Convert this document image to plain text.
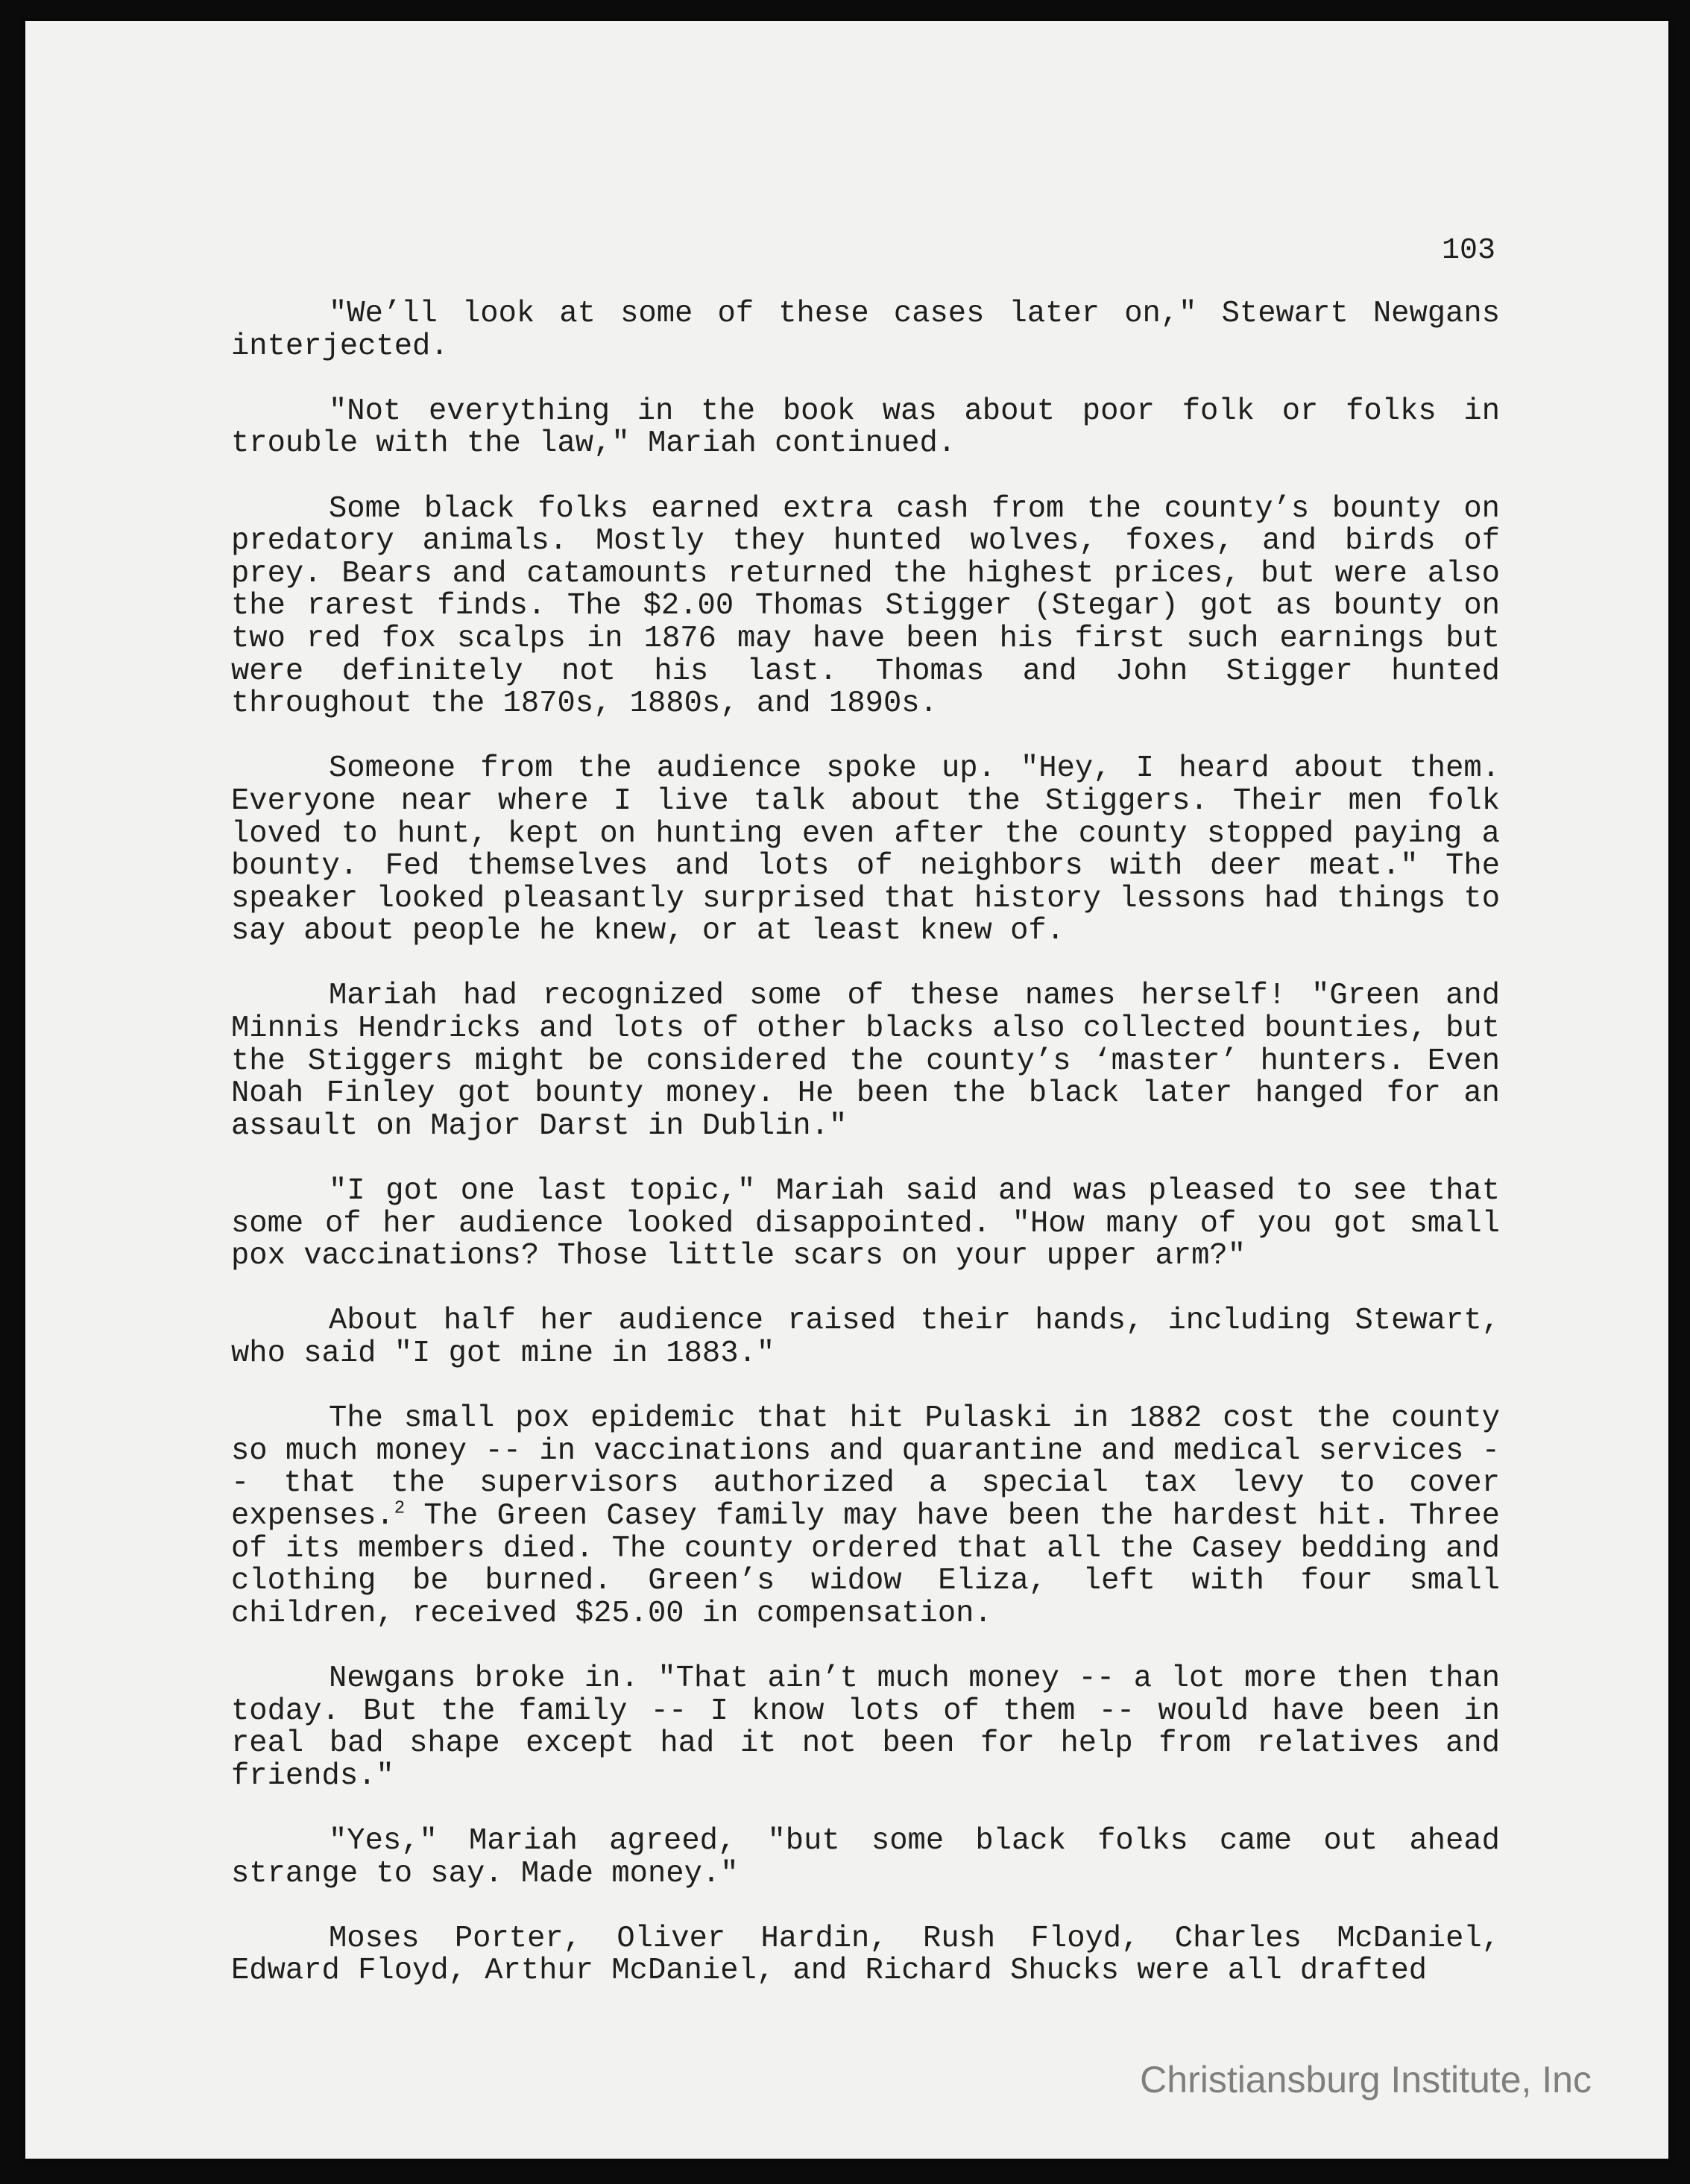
103

"We’ll look at some of these cases later on," Stewart Newgans interjected.

"Not everything in the book was about poor folk or folks in trouble with the law," Mariah continued.

Some black folks earned extra cash from the county’s bounty on predatory animals. Mostly they hunted wolves, foxes, and birds of prey. Bears and catamounts returned the highest prices, but were also the rarest finds. The $2.00 Thomas Stigger (Stegar) got as bounty on two red fox scalps in 1876 may have been his first such earnings but were definitely not his last. Thomas and John Stigger hunted throughout the 1870s, 1880s, and 1890s.

Someone from the audience spoke up. "Hey, I heard about them. Everyone near where I live talk about the Stiggers. Their men folk loved to hunt, kept on hunting even after the county stopped paying a bounty. Fed themselves and lots of neighbors with deer meat." The speaker looked pleasantly surprised that history lessons had things to say about people he knew, or at least knew of.

Mariah had recognized some of these names herself! "Green and Minnis Hendricks and lots of other blacks also collected bounties, but the Stiggers might be considered the county’s ‘master’ hunters. Even Noah Finley got bounty money. He been the black later hanged for an assault on Major Darst in Dublin."

"I got one last topic," Mariah said and was pleased to see that some of her audience looked disappointed. "How many of you got small pox vaccinations? Those little scars on your upper arm?"

About half her audience raised their hands, including Stewart, who said "I got mine in 1883."

The small pox epidemic that hit Pulaski in 1882 cost the county so much money -- in vaccinations and quarantine and medical services -- that the supervisors authorized a special tax levy to cover expenses.$^2$ The Green Casey family may have been the hardest hit. Three of its members died. The county ordered that all the Casey bedding and clothing be burned. Green’s widow Eliza, left with four small children, received $25.00 in compensation.

Newgans broke in. "That ain’t much money -- a lot more then than today. But the family -- I know lots of them -- would have been in real bad shape except had it not been for help from relatives and friends."

"Yes," Mariah agreed, "but some black folks came out ahead strange to say. Made money."

Moses Porter, Oliver Hardin, Rush Floyd, Charles McDaniel, Edward Floyd, Arthur McDaniel, and Richard Shucks were all drafted

Christiansburg Institute, Inc
